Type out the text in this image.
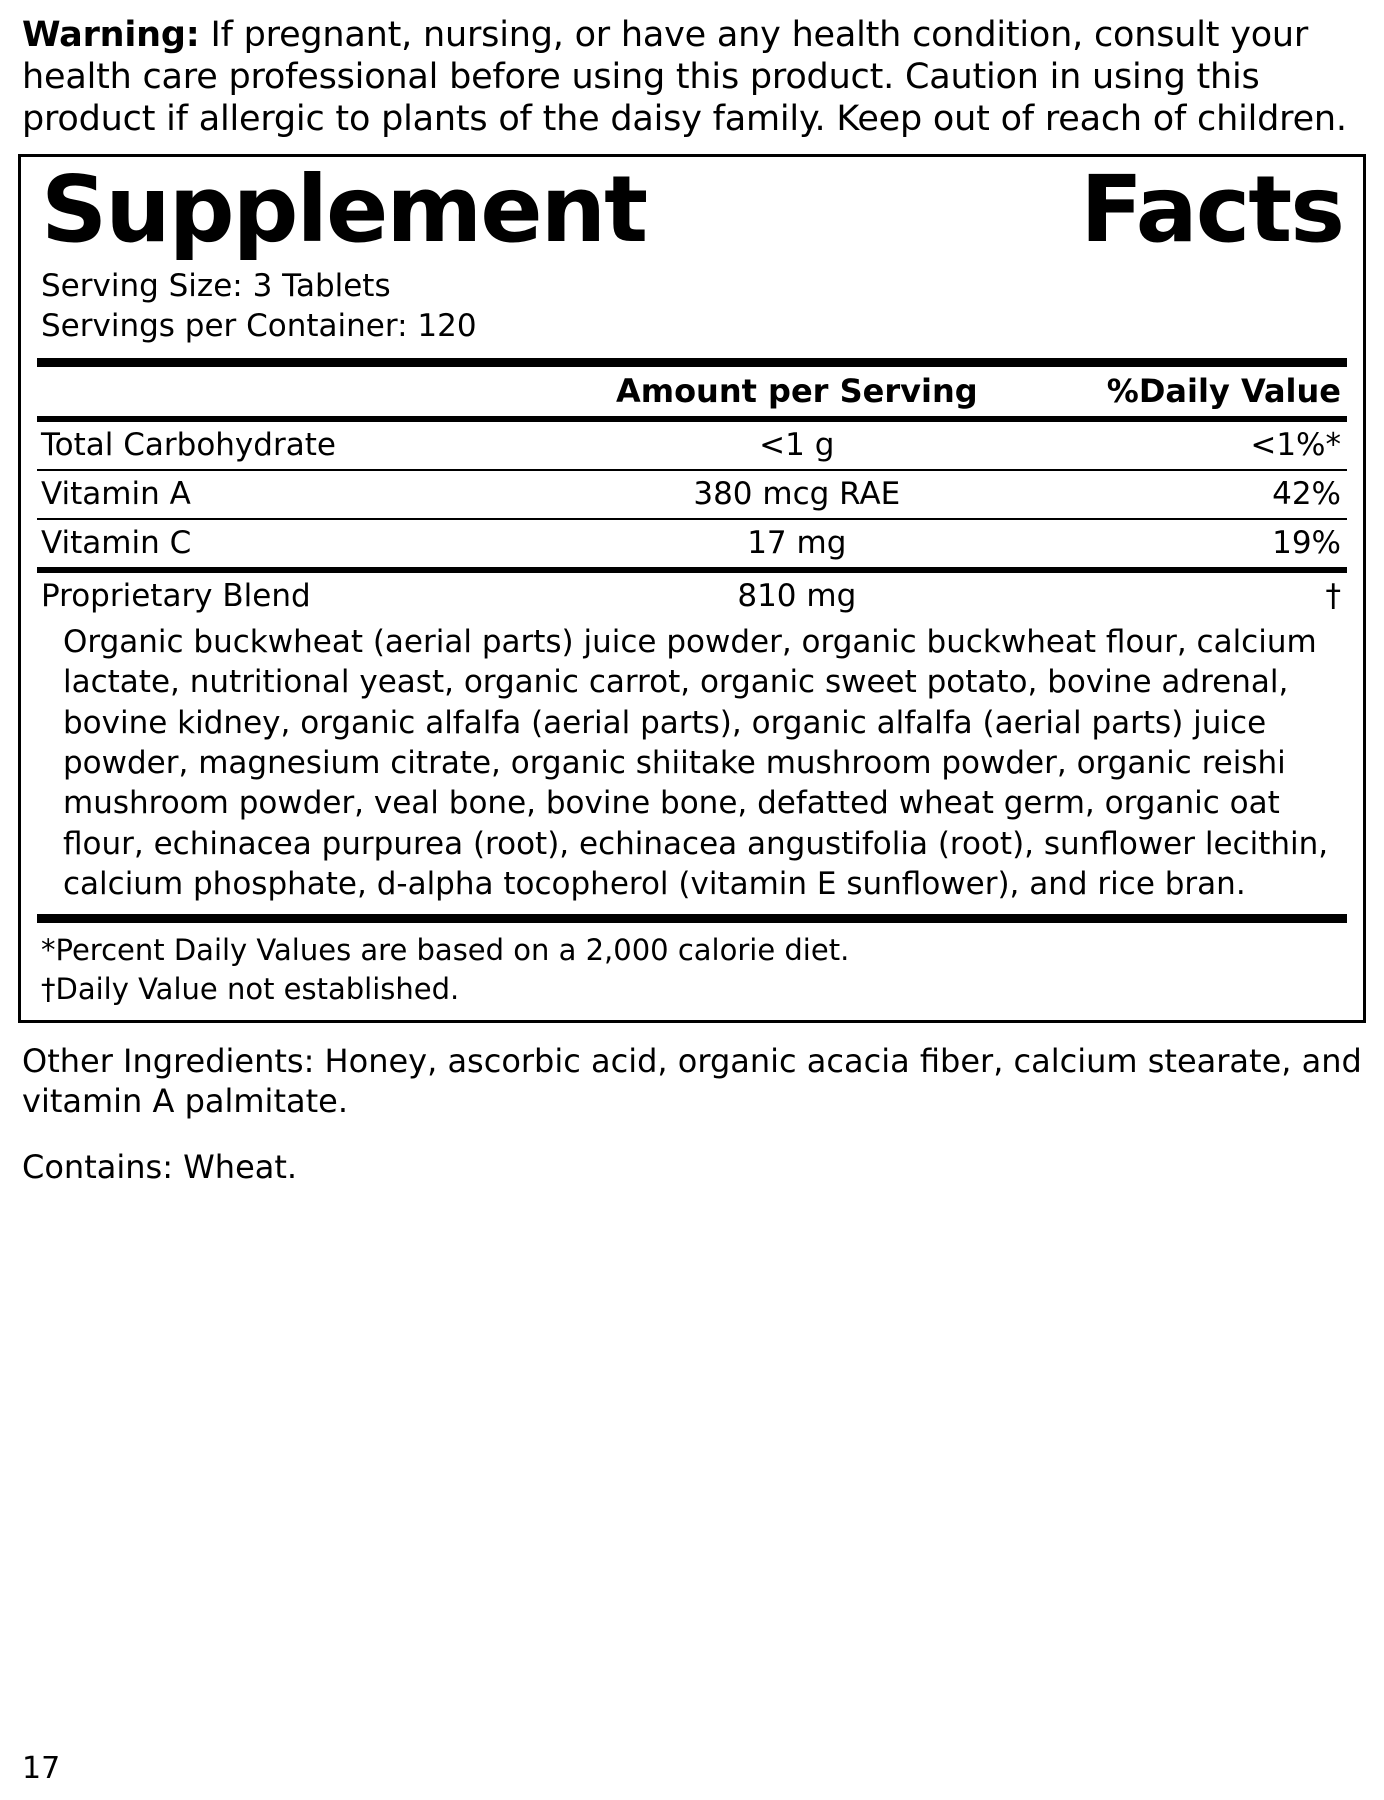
Warning: If pregnant, nursing, or have any health condition, consult your health care professional before using this product. Caution in using this product if allergic to plants of the daisy family. Keep out of reach of children.
Supplement	Facts
Serving Size: 3 Tablets
Servings per Container: 120
	Amount per Serving	%Daily Value
Total Carbohydrate	<1 g	<1%*
Vitamin A	380 mcg RAE	42%
Vitamin C	17 mg	19%
Proprietary Blend	810 mg	†
Organic buckwheat (aerial parts) juice powder, organic buckwheat flour, calcium lactate, nutritional yeast, organic carrot, organic sweet potato, bovine adrenal, bovine kidney, organic alfalfa (aerial parts), organic alfalfa (aerial parts) juice powder, magnesium citrate, organic shiitake mushroom powder, organic reishi mushroom powder, veal bone, bovine bone, defatted wheat germ, organic oat flour, echinacea purpurea (root), echinacea angustifolia (root), sunflower lecithin, calcium phosphate, d-alpha tocopherol (vitamin E sunflower), and rice bran.
*Percent Daily Values are based on a 2,000 calorie diet.
†Daily Value not established.
Other Ingredients: Honey, ascorbic acid, organic acacia fiber, calcium stearate, and vitamin A palmitate.
Contains: Wheat.
17
